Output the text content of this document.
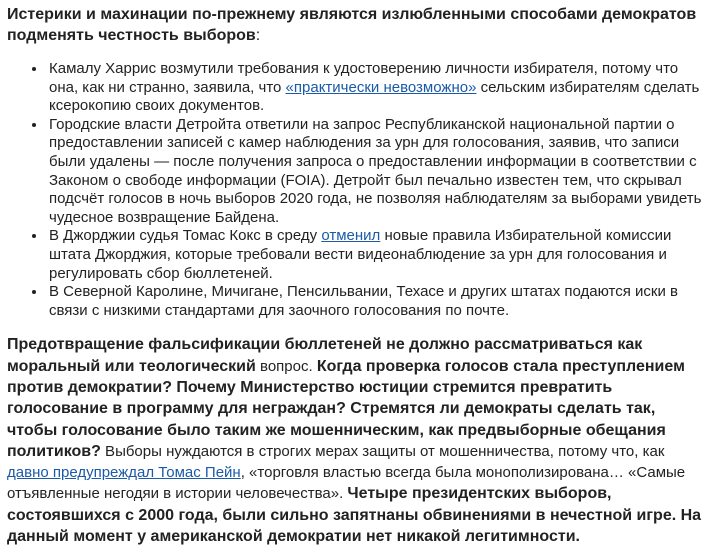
Истерики и махинации по-прежнему являются излюбленными способами демократов подменять честность выборов:

• Камалу Харрис возмутили требования к удостоверению личности избирателя, потому что она, как ни странно, заявила, что «практически невозможно» сельским избирателям сделать ксерокопию своих документов.
• Городские власти Детройта ответили на запрос Республиканской национальной партии о предоставлении записей с камер наблюдения за урн для голосования, заявив, что записи были удалены — после получения запроса о предоставлении информации в соответствии с Законом о свободе информации (FOIA). Детройт был печально известен тем, что скрывал подсчёт голосов в ночь выборов 2020 года, не позволяя наблюдателям за выборами увидеть чудесное возвращение Байдена.
• В Джорджии судья Томас Кокс в среду отменил новые правила Избирательной комиссии штата Джорджия, которые требовали вести видеонаблюдение за урн для голосования и регулировать сбор бюллетеней.
• В Северной Каролине, Мичигане, Пенсильвании, Техасе и других штатах подаются иски в связи с низкими стандартами для заочного голосования по почте.

Предотвращение фальсификации бюллетеней не должно рассматриваться как моральный или теологический вопрос. Когда проверка голосов стала преступлением против демократии? Почему Министерство юстиции стремится превратить голосование в программу для неграждан? Стремятся ли демократы сделать так, чтобы голосование было таким же мошенническим, как предвыборные обещания политиков? Выборы нуждаются в строгих мерах защиты от мошенничества, потому что, как давно предупреждал Томас Пейн, «торговля властью всегда была монополизирована… «Самые отъявленные негодяи в истории человечества». Четыре президентских выборов, состоявшихся с 2000 года, были сильно запятнаны обвинениями в нечестной игре. На данный момент у американской демократии нет никакой легитимности.
